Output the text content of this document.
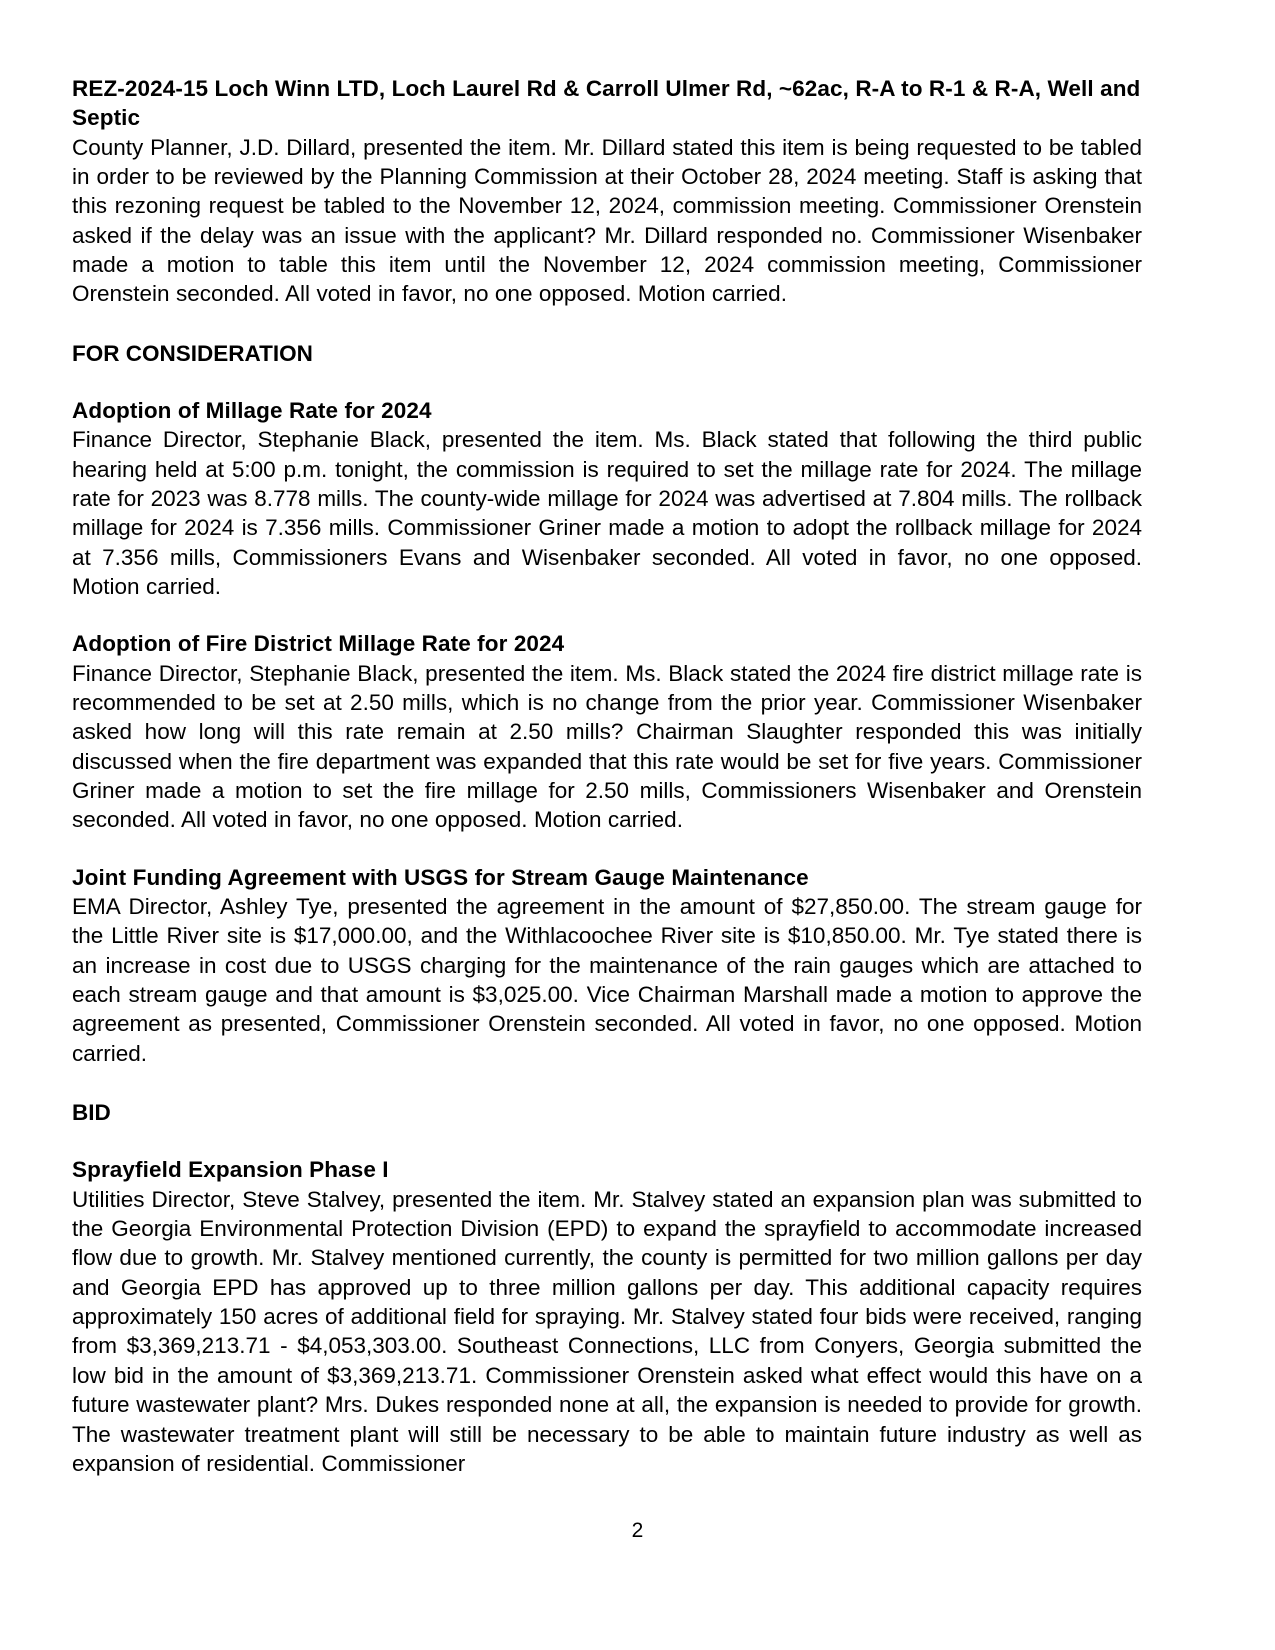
REZ-2024-15 Loch Winn LTD, Loch Laurel Rd & Carroll Ulmer Rd, ~62ac, R-A to R-1 & R-A, Well and Septic

County Planner, J.D. Dillard, presented the item. Mr. Dillard stated this item is being requested to be tabled in order to be reviewed by the Planning Commission at their October 28, 2024 meeting. Staff is asking that this rezoning request be tabled to the November 12, 2024, commission meeting. Commissioner Orenstein asked if the delay was an issue with the applicant? Mr. Dillard responded no. Commissioner Wisenbaker made a motion to table this item until the November 12, 2024 commission meeting, Commissioner Orenstein seconded. All voted in favor, no one opposed. Motion carried.

FOR CONSIDERATION
Adoption of Millage Rate for 2024

Finance Director, Stephanie Black, presented the item. Ms. Black stated that following the third public hearing held at 5:00 p.m. tonight, the commission is required to set the millage rate for 2024. The millage rate for 2023 was 8.778 mills. The county-wide millage for 2024 was advertised at 7.804 mills. The rollback millage for 2024 is 7.356 mills. Commissioner Griner made a motion to adopt the rollback millage for 2024 at 7.356 mills, Commissioners Evans and Wisenbaker seconded. All voted in favor, no one opposed. Motion carried.

Adoption of Fire District Millage Rate for 2024

Finance Director, Stephanie Black, presented the item. Ms. Black stated the 2024 fire district millage rate is recommended to be set at 2.50 mills, which is no change from the prior year. Commissioner Wisenbaker asked how long will this rate remain at 2.50 mills? Chairman Slaughter responded this was initially discussed when the fire department was expanded that this rate would be set for five years. Commissioner Griner made a motion to set the fire millage for 2.50 mills, Commissioners Wisenbaker and Orenstein seconded. All voted in favor, no one opposed. Motion carried.

Joint Funding Agreement with USGS for Stream Gauge Maintenance

EMA Director, Ashley Tye, presented the agreement in the amount of $27,850.00. The stream gauge for the Little River site is $17,000.00, and the Withlacoochee River site is $10,850.00. Mr. Tye stated there is an increase in cost due to USGS charging for the maintenance of the rain gauges which are attached to each stream gauge and that amount is $3,025.00. Vice Chairman Marshall made a motion to approve the agreement as presented, Commissioner Orenstein seconded. All voted in favor, no one opposed. Motion carried.

BID
Sprayfield Expansion Phase I

Utilities Director, Steve Stalvey, presented the item. Mr. Stalvey stated an expansion plan was submitted to the Georgia Environmental Protection Division (EPD) to expand the sprayfield to accommodate increased flow due to growth. Mr. Stalvey mentioned currently, the county is permitted for two million gallons per day and Georgia EPD has approved up to three million gallons per day. This additional capacity requires approximately 150 acres of additional field for spraying. Mr. Stalvey stated four bids were received, ranging from $3,369,213.71 - $4,053,303.00. Southeast Connections, LLC from Conyers, Georgia submitted the low bid in the amount of $3,369,213.71. Commissioner Orenstein asked what effect would this have on a future wastewater plant? Mrs. Dukes responded none at all, the expansion is needed to provide for growth. The wastewater treatment plant will still be necessary to be able to maintain future industry as well as expansion of residential. Commissioner

2
